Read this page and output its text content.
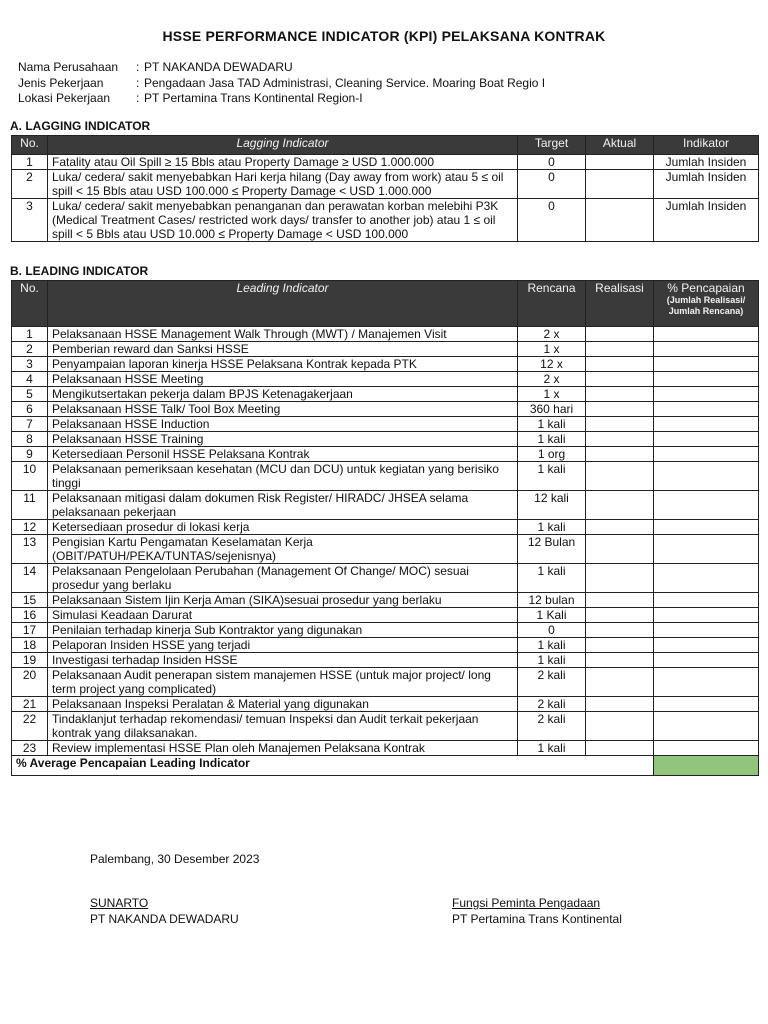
HSSE PERFORMANCE INDICATOR (KPI) PELAKSANA KONTRAK
Nama Perusahaan	: PT NAKANDA DEWADARU
Jenis Pekerjaan	: Pengadaan Jasa TAD Administrasi, Cleaning Service. Moaring Boat Regio I
Lokasi Pekerjaan	: PT Pertamina Trans Kontinental Region-I
A. LAGGING INDICATOR
No.	Lagging Indicator	Target	Aktual	Indikator
1	Fatality atau Oil Spill ≥ 15 Bbls atau Property Damage ≥ USD 1.000.000	0		Jumlah Insiden
2	Luka/ cedera/ sakit menyebabkan Hari kerja hilang (Day away from work) atau 5 ≤ oil spill < 15 Bbls atau USD 100.000 ≤ Property Damage < USD 1.000.000	0		Jumlah Insiden
3	Luka/ cedera/ sakit menyebabkan penanganan dan perawatan korban melebihi P3K (Medical Treatment Cases/ restricted work days/ transfer to another job) atau 1 ≤ oil spill < 5 Bbls atau USD 10.000 ≤ Property Damage < USD 100.000	0		Jumlah Insiden
B. LEADING INDICATOR
No.	Leading Indicator	Rencana	Realisasi	% Pencapaian
(Jumlah Realisasi/ Jumlah Rencana)

1	Pelaksanaan HSSE Management Walk Through (MWT) / Manajemen Visit	2 x		
2	Pemberian reward dan Sanksi HSSE	1 x		
3	Penyampaian laporan kinerja HSSE Pelaksana Kontrak kepada PTK	12 x		
4	Pelaksanaan HSSE Meeting	2 x		
5	Mengikutsertakan pekerja dalam BPJS Ketenagakerjaan	1 x		
6	Pelaksanaan HSSE Talk/ Tool Box Meeting	360 hari		
7	Pelaksanaan HSSE Induction	1 kali		
8	Pelaksanaan HSSE Training	1 kali		
9	Ketersediaan Personil HSSE Pelaksana Kontrak	1 org		
10	Pelaksanaan pemeriksaan kesehatan (MCU dan DCU) untuk kegiatan yang berisiko tinggi	1 kali		
11	Pelaksanaan mitigasi dalam dokumen Risk Register/ HIRADC/ JHSEA selama pelaksanaan pekerjaan	12 kali		
12	Ketersediaan prosedur di lokasi kerja	1 kali		
13	Pengisian Kartu Pengamatan Keselamatan Kerja (OBIT/PATUH/PEKA/TUNTAS/sejenisnya)	12 Bulan		
14	Pelaksanaan Pengelolaan Perubahan (Management Of Change/ MOC) sesuai prosedur yang berlaku	1 kali		
15	Pelaksanaan Sistem Ijin Kerja Aman (SIKA)sesuai prosedur yang berlaku	12 bulan		
16	Simulasi Keadaan Darurat	1 Kali		
17	Penilaian terhadap kinerja Sub Kontraktor yang digunakan	0		
18	Pelaporan Insiden HSSE yang terjadi	1 kali		
19	Investigasi terhadap Insiden HSSE	1 kali		
20	Pelaksanaan Audit penerapan sistem manajemen HSSE (untuk major project/ long term project yang complicated)	2 kali		
21	Pelaksanaan Inspeksi Peralatan & Material yang digunakan	2 kali		
22	Tindaklanjut terhadap rekomendasi/ temuan Inspeksi dan Audit terkait pekerjaan kontrak yang dilaksanakan.	2 kali		
23	Review implementasi HSSE Plan oleh Manajemen Pelaksana Kontrak	1 kali		
% Average Pencapaian Leading Indicator				
Palembang, 30 Desember 2023
SUNARTO
PT NAKANDA DEWADARU
Fungsi Peminta Pengadaan
PT Pertamina Trans Kontinental
